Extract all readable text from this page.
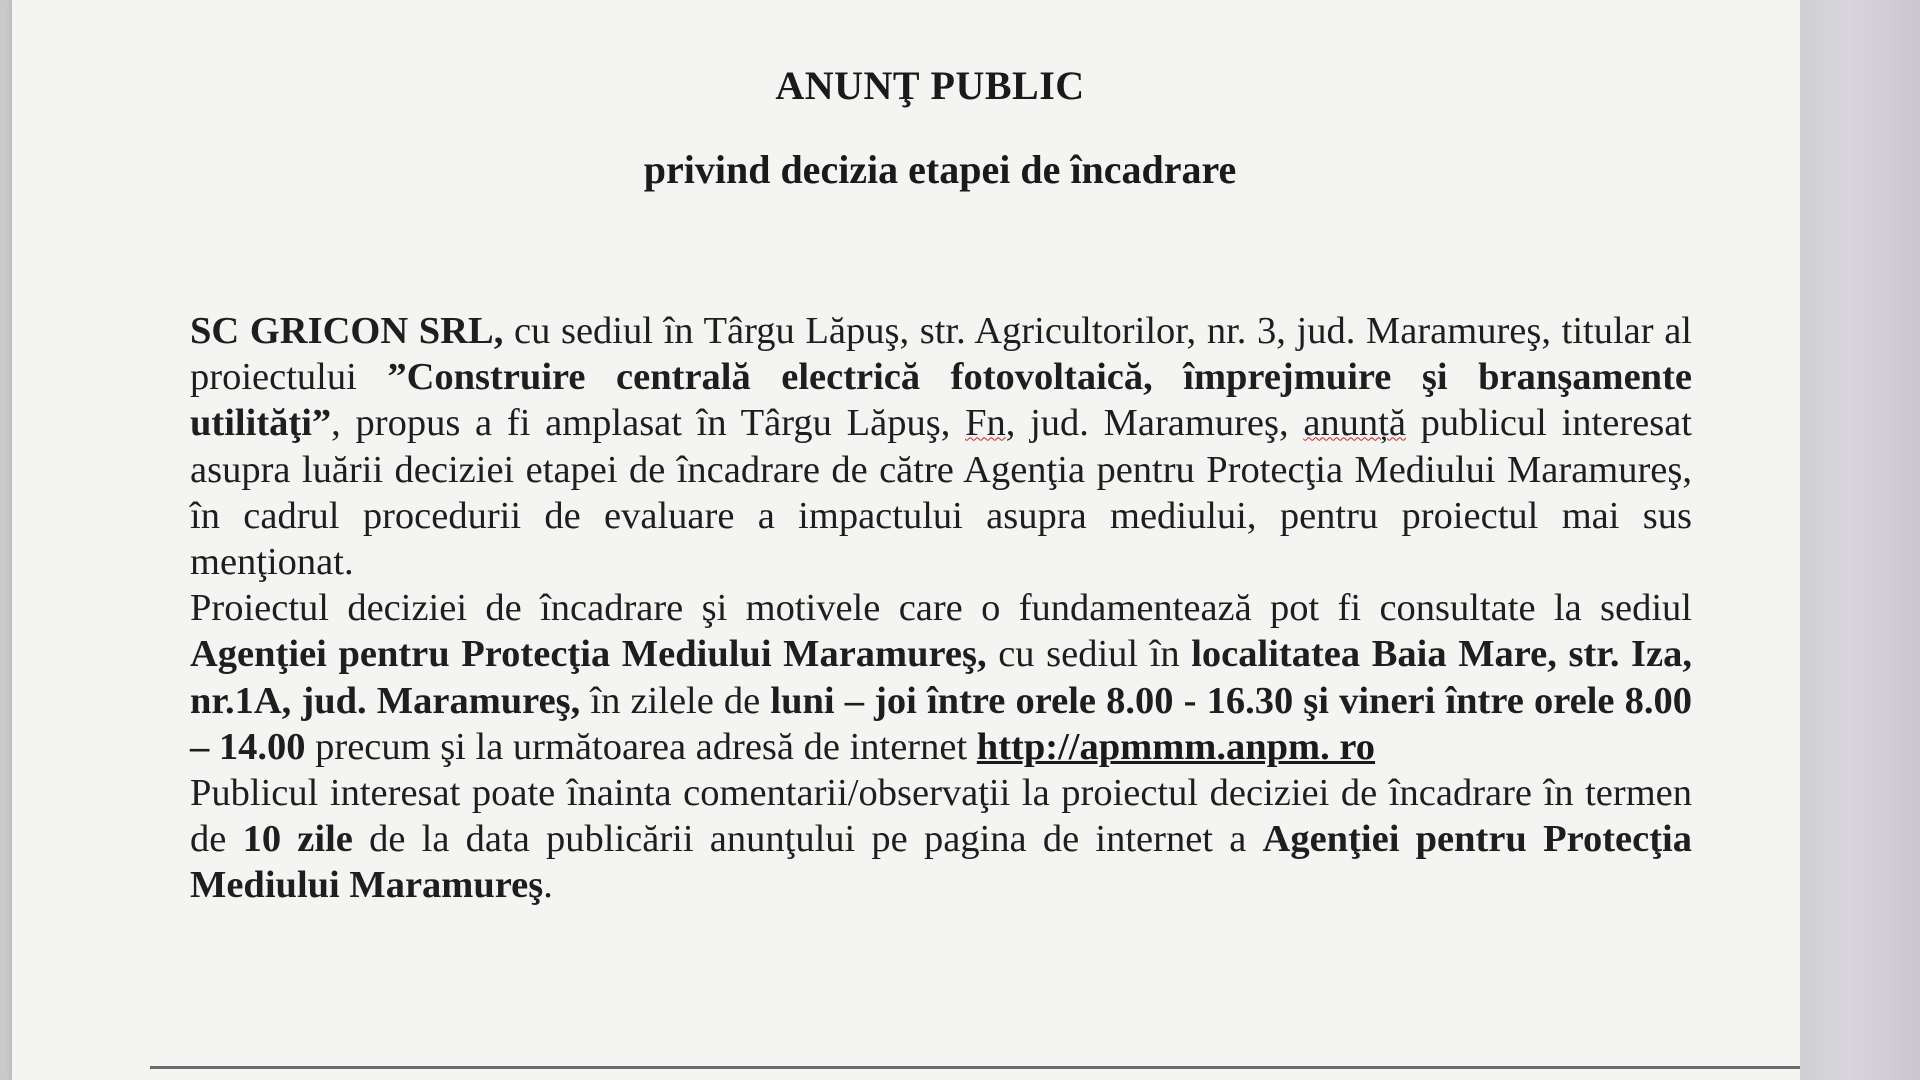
ANUNŢ PUBLIC
privind decizia etapei de încadrare

SC GRICON SRL, cu sediul în Târgu Lăpuş, str. Agricultorilor, nr. 3, jud. Maramureş, titular al proiectului ”Construire centrală electrică fotovoltaică, împrejmuire şi branşamente utilităţi”, propus a fi amplasat în Târgu Lăpuş, Fn, jud. Maramureş, anunță publicul interesat asupra luării deciziei etapei de încadrare de către Agenţia pentru Protecţia Mediului Maramureş, în cadrul procedurii de evaluare a impactului asupra mediului, pentru proiectul mai sus menţionat.

Proiectul deciziei de încadrare şi motivele care o fundamentează pot fi consultate la sediul Agenţiei pentru Protecţia Mediului Maramureş, cu sediul în localitatea Baia Mare, str. Iza, nr.1A, jud. Maramureş, în zilele de luni – joi între orele 8.00 - 16.30 şi vineri între orele 8.00 – 14.00 precum şi la următoarea adresă de internet http://apmmm.anpm. ro

Publicul interesat poate înainta comentarii/observaţii la proiectul deciziei de încadrare în termen de 10 zile de la data publicării anunţului pe pagina de internet a Agenţiei pentru Protecţia Mediului Maramureş.
